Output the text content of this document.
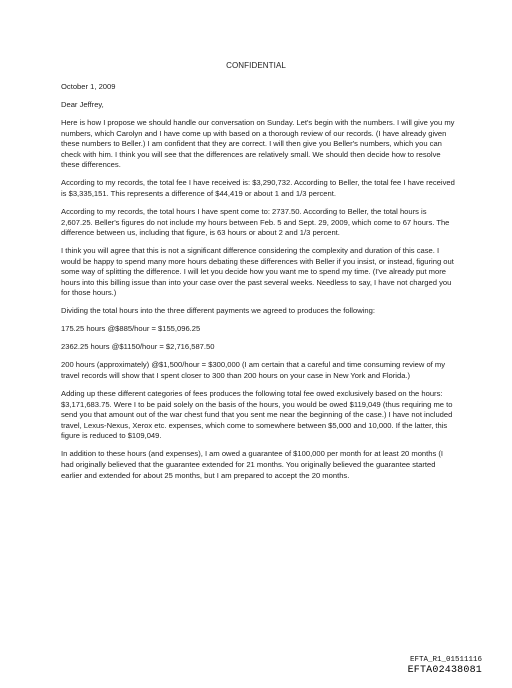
CONFIDENTIAL

October 1, 2009

Dear Jeffrey,

Here is how I propose we should handle our conversation on Sunday. Let's begin with the numbers. I will give you my numbers, which Carolyn and I have come up with based on a thorough review of our records. (I have already given these numbers to Beller.) I am confident that they are correct. I will then give you Beller's numbers, which you can check with him. I think you will see that the differences are relatively small. We should then decide how to resolve these differences.

According to my records, the total fee I have received is: $3,290,732. According to Beller, the total fee I have received is $3,335,151. This represents a difference of $44,419 or about 1 and 1/3 percent.

According to my records, the total hours I have spent come to: 2737.50. According to Beller, the total hours is 2,607.25. Beller's figures do not include my hours between Feb. 5 and Sept. 29, 2009, which come to 67 hours. The difference between us, including that figure, is 63 hours or about 2 and 1/3 percent.

I think you will agree that this is not a significant difference considering the complexity and duration of this case. I would be happy to spend many more hours debating these differences with Beller if you insist, or instead, figuring out some way of splitting the difference. I will let you decide how you want me to spend my time. (I've already put more hours into this billing issue than into your case over the past several weeks. Needless to say, I have not charged you for those hours.)

Dividing the total hours into the three different payments we agreed to produces the following:

175.25 hours @$885/hour = $155,096.25

2362.25 hours @$1150/hour = $2,716,587.50

200 hours (approximately) @$1,500/hour = $300,000 (I am certain that a careful and time consuming review of my travel records will show that I spent closer to 300 than 200 hours on your case in New York and Florida.)

Adding up these different categories of fees produces the following total fee owed exclusively based on the hours: $3,171,683.75. Were I to be paid solely on the basis of the hours, you would be owed $119,049 (thus requiring me to send you that amount out of the war chest fund that you sent me near the beginning of the case.) I have not included travel, Lexus-Nexus, Xerox etc. expenses, which come to somewhere between $5,000 and 10,000. If the latter, this figure is reduced to $109,049.

In addition to these hours (and expenses), I am owed a guarantee of $100,000 per month for at least 20 months (I had originally believed that the guarantee extended for 21 months. You originally believed the guarantee started earlier and extended for about 25 months, but I am prepared to accept the 20 months.

EFTA_R1_01511116
EFTA02438081
